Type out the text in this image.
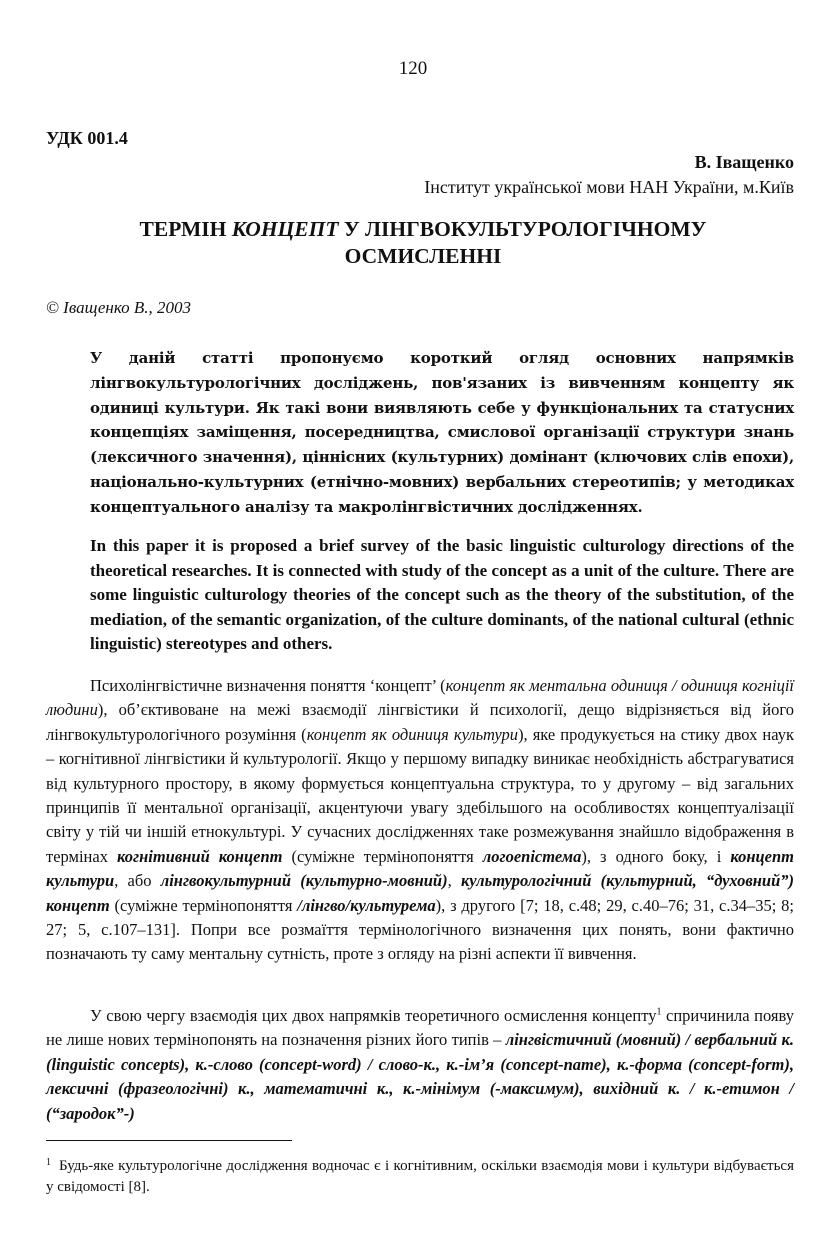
120
УДК 001.4
В. Іващенко
Інститут української мови НАН України, м.Київ
ТЕРМІН КОНЦЕПТ У ЛІНГВОКУЛЬТУРОЛОГІЧНОМУ
ОСМИСЛЕННІ
© Іващенко В., 2003
У даній статті пропонуємо короткий огляд основних напрямків лінгвокультурологічних досліджень, пов'язаних із вивченням концепту як одиниці культури. Як такі вони виявляють себе у функціональних та статусних концепціях заміщення, посередництва, смислової організації структури знань (лексичного значення), ціннісних (культурних) домінант (ключових слів епохи), національно-культурних (етнічно-мовних) вербальних стереотипів; у методиках концептуального аналізу та макролінгвістичних дослідженнях.
In this paper it is proposed a brief survey of the basic linguistic culturology directions of the theoretical researches. It is connected with study of the concept as a unit of the culture. There are some linguistic culturology theories of the concept such as the theory of the substitution, of the mediation, of the semantic organization, of the culture dominants, of the national cultural (ethnic linguistic) stereotypes and others.
Психолінгвістичне визначення поняття ‘концепт’ (концепт як ментальна одиниця / одиниця когніції людини), об’єктивоване на межі взаємодії лінгвістики й психології, дещо відрізняється від його лінгвокультурологічного розуміння (концепт як одиниця культури), яке продукується на стику двох наук – когнітивної лінгвістики й культурології. Якщо у першому випадку виникає необхідність абстрагуватися від культурного простору, в якому формується концептуальна структура, то у другому – від загальних принципів її ментальної організації, акцентуючи увагу здебільшого на особливостях концептуалізації світу у тій чи іншій етнокультурі. У сучасних дослідженнях таке розмежування знайшло відображення в термінах когнітивний концепт (суміжне термінопоняття логоепістема), з одного боку, і концепт культури, або лінгвокультурний (культурно-мовний), культурологічний (культурний, “духовний”) концепт (суміжне термінопоняття /лінгво/культурема), з другого [7; 18, с.48; 29, с.40–76; 31, с.34–35; 8; 27; 5, с.107–131]. Попри все розмаїття термінологічного визначення цих понять, вони фактично позначають ту саму ментальну сутність, проте з огляду на різні аспекти її вивчення.
У свою чергу взаємодія цих двох напрямків теоретичного осмислення концепту$^1$ спричинила появу не лише нових термінопонять на позначення різних його типів – лінгвістичний (мовний) / вербальний к. (linguistic concepts), к.-слово (concept-word) / слово-к., к.-ім’я (concept-name), к.-форма (concept-form), лексичні (фразеологічні) к., математичні к., к.-мінімум (-максимум), вихідний к. / к.-етимон / (“зародок”-)
$^1$ Будь-яке культурологічне дослідження водночас є і когнітивним, оскільки взаємодія мови і культури відбувається у свідомості [8].
